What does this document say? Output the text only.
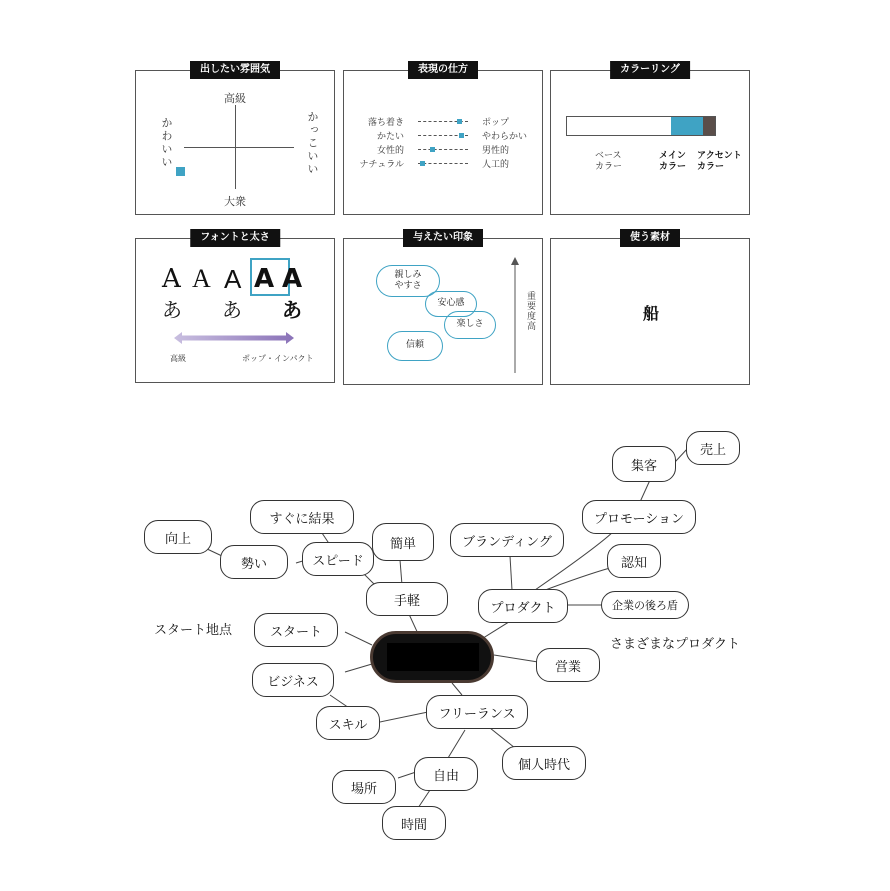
出したい雰囲気
高級
大衆
かわいい	かっこいい
表現の仕方
落ち着き	ポップ
かたい	やわらかい
女性的	男性的
ナチュラル	人工的
カラーリング
ベース
カラー
メイン
カラー
アクセント
カラー
フォントと太さ
A A A A A
あ あ あ
高級	ポップ・インパクト
与えたい印象
親しみ
やすさ
安心感
楽しさ
信頼
重要度高
使う素材
船
売上
集客
プロモーション
ブランディング
認知
プロダクト	企業の後ろ盾
簡単
手軽
すぐに結果
スピード
向上
勢い
スタート
ビジネス
スキル
フリーランス
営業
個人時代
自由
場所
時間
スタート地点
さまざまなプロダクト
